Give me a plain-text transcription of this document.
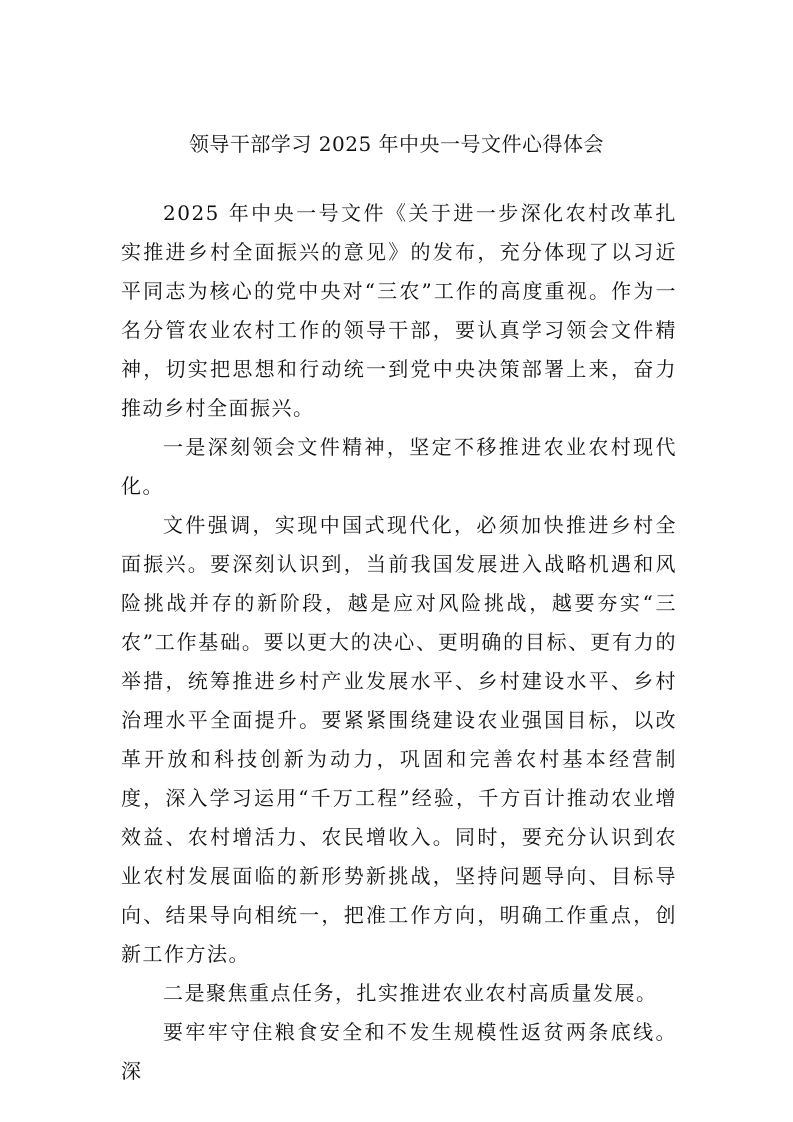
领导干部学习 2025 年中央一号文件心得体会

2025 年中央一号文件《关于进一步深化农村改革扎实推进乡村全面振兴的意见》的发布，充分体现了以习近平同志为核心的党中央对“三农”工作的高度重视。作为一名分管农业农村工作的领导干部，要认真学习领会文件精神，切实把思想和行动统一到党中央决策部署上来，奋力推动乡村全面振兴。

一是深刻领会文件精神，坚定不移推进农业农村现代化。

文件强调，实现中国式现代化，必须加快推进乡村全面振兴。要深刻认识到，当前我国发展进入战略机遇和风险挑战并存的新阶段，越是应对风险挑战，越要夯实“三农”工作基础。要以更大的决心、更明确的目标、更有力的举措，统筹推进乡村产业发展水平、乡村建设水平、乡村治理水平全面提升。要紧紧围绕建设农业强国目标，以改革开放和科技创新为动力，巩固和完善农村基本经营制度，深入学习运用“千万工程”经验，千方百计推动农业增效益、农村增活力、农民增收入。同时，要充分认识到农业农村发展面临的新形势新挑战，坚持问题导向、目标导向、结果导向相统一，把准工作方向，明确工作重点，创新工作方法。

二是聚焦重点任务，扎实推进农业农村高质量发展。

要牢牢守住粮食安全和不发生规模性返贫两条底线。深
